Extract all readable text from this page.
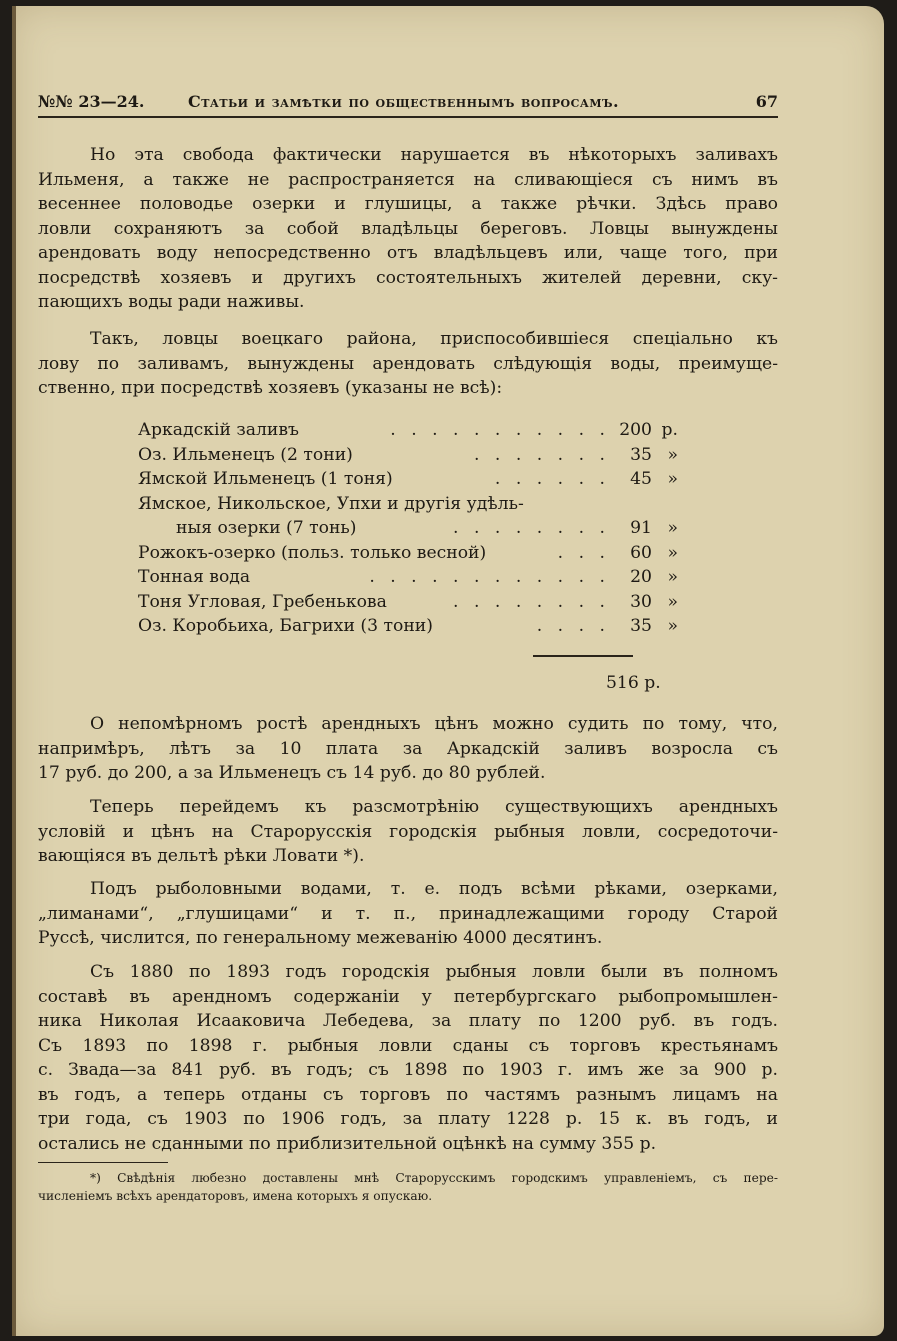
№№ 23—24.	Статьи и замѣтки по общественнымъ вопросамъ.	67
Но эта свобода фактически нарушается въ нѣкоторыхъ заливахъ
Ильменя, а также не распространяется на сливающіеся съ нимъ въ
весеннее половодье озерки и глушицы, а также рѣчки. Здѣсь право
ловли сохраняютъ за собой владѣльцы береговъ. Ловцы вынуждены
арендовать воду непосредственно отъ владѣльцевъ или, чаще того, при
посредствѣ хозяевъ и другихъ состоятельныхъ жителей деревни, ску-
пающихъ воды ради наживы.
Такъ, ловцы воецкаго района, приспособившіеся спеціально къ
лову по заливамъ, вынуждены арендовать слѣдующія воды, преимуще-
ственно, при посредствѣ хозяевъ (указаны не всѣ):
Аркадскій заливъ	. . . . . . . . . . . 200 р.
Оз. Ильменецъ (2 тони)	. . . . . . .	35 »
Ямской Ильменецъ (1 тоня)	. . . . . .	45 »
Ямское, Никольское, Упхи и другія удѣль-
ныя озерки (7 тонь)	. . . . . . . .	91 »
Рожокъ-озерко (польз. только весной)	. . .	60 »
Тонная вода	. . . . . . . . . . . .	20 »
Тоня Угловая, Гребенькова	. . . . . . . .	30 »
Оз. Коробьиха, Багрихи (3 тони)	. . . .	35 »
516 р.
О непомѣрномъ ростѣ арендныхъ цѣнъ можно судить по тому, что,
напримѣръ, лѣтъ за 10 плата за Аркадскій заливъ возросла съ
17 руб. до 200, а за Ильменецъ съ 14 руб. до 80 рублей.
Теперь перейдемъ къ разсмотрѣнію существующихъ арендныхъ
условій и цѣнъ на Старорусскія городскія рыбныя ловли, сосредоточи-
вающіяся въ дельтѣ рѣки Ловати *).
Подъ рыболовными водами, т. е. подъ всѣми рѣками, озерками,
„лиманами“, „глушицами“ и т. п., принадлежащими городу Старой
Руссѣ, числится, по генеральному межеванію 4000 десятинъ.
Съ 1880 по 1893 годъ городскія рыбныя ловли были въ полномъ
составѣ въ арендномъ содержаніи у петербургскаго рыбопромышлен-
ника Николая Исааковича Лебедева, за плату по 1200 руб. въ годъ.
Съ 1893 по 1898 г. рыбныя ловли сданы съ торговъ крестьянамъ
с. Звада—за 841 руб. въ годъ; съ 1898 по 1903 г. имъ же за 900 р.
въ годъ, а теперь отданы съ торговъ по частямъ разнымъ лицамъ на
три года, съ 1903 по 1906 годъ, за плату 1228 р. 15 к. въ годъ, и
остались не сданными по приблизительной оцѣнкѣ на сумму 355 р.
*) Свѣдѣнія любезно доставлены мнѣ Старорусскимъ городскимъ управленіемъ, съ пере-
численіемъ всѣхъ арендаторовъ, имена которыхъ я опускаю.
